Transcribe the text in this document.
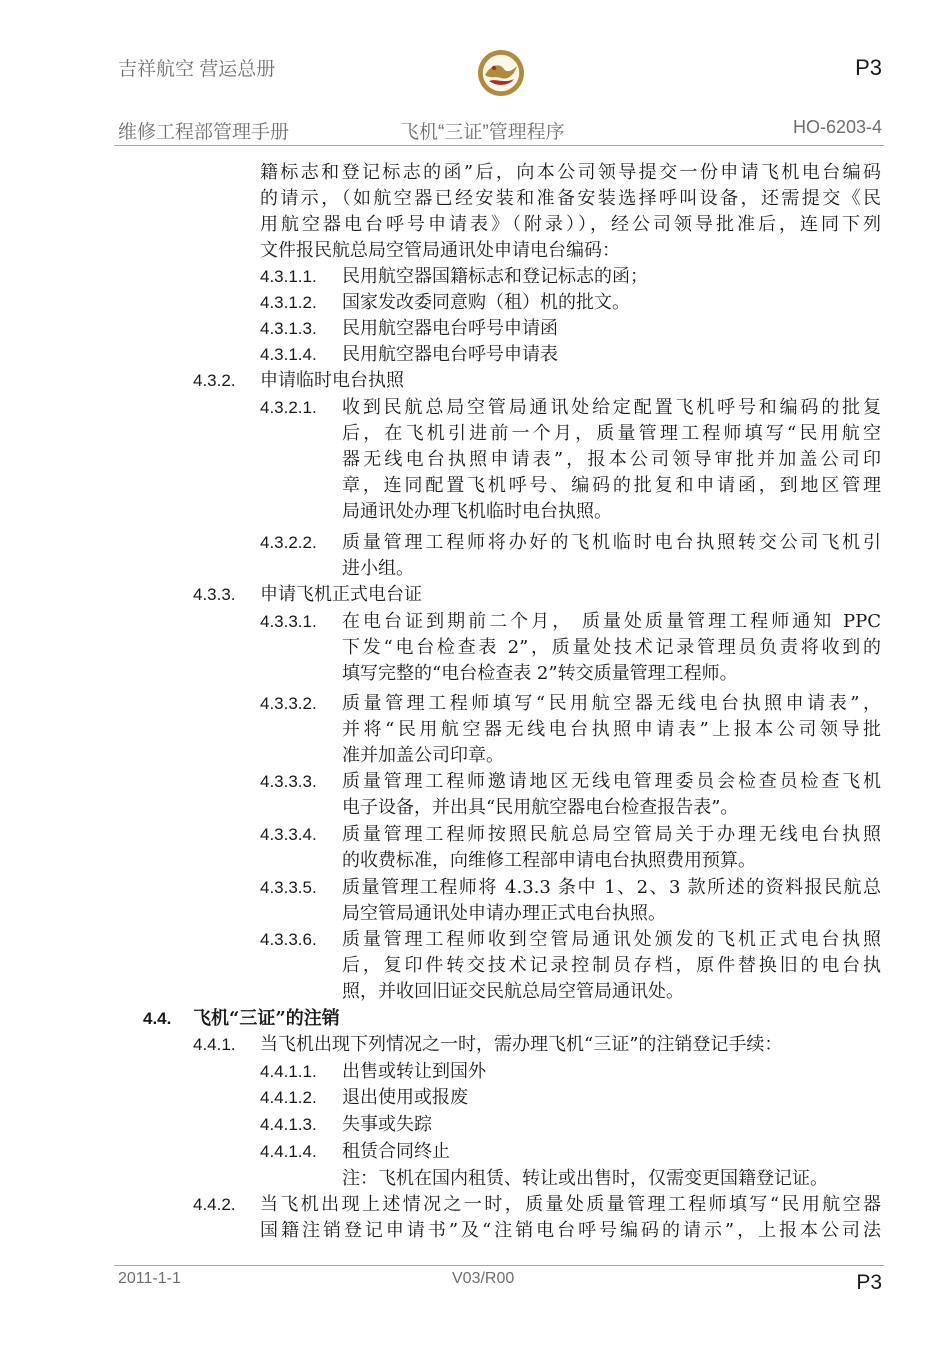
吉祥航空 营运总册	P3
维修工程部管理手册	飞机“三证”管理程序	HO-6203-4
籍标志和登记标志的函”后，向本公司领导提交一份申请飞机电台编码
的请示，（如航空器已经安装和准备安装选择呼叫设备，还需提交《民
用航空器电台呼号申请表》（附录）），经公司领导批准后，连同下列
文件报民航总局空管局通讯处申请电台编码：
4.3.1.1. 民用航空器国籍标志和登记标志的函；
4.3.1.2. 国家发改委同意购（租）机的批文。
4.3.1.3. 民用航空器电台呼号申请函
4.3.1.4. 民用航空器电台呼号申请表
4.3.2. 申请临时电台执照
4.3.2.1. 收到民航总局空管局通讯处给定配置飞机呼号和编码的批复
后，在飞机引进前一个月，质量管理工程师填写“民用航空
器无线电台执照申请表”，报本公司领导审批并加盖公司印
章，连同配置飞机呼号、编码的批复和申请函，到地区管理
局通讯处办理飞机临时电台执照。
4.3.2.2. 质量管理工程师将办好的飞机临时电台执照转交公司飞机引
进小组。
4.3.3. 申请飞机正式电台证
4.3.3.1. 在电台证到期前二个月， 质量处质量管理工程师通知 PPC
下发“电台检查表 2”，质量处技术记录管理员负责将收到的
填写完整的“电台检查表 2”转交质量管理工程师。
4.3.3.2. 质量管理工程师填写“民用航空器无线电台执照申请表”，
并将“民用航空器无线电台执照申请表”上报本公司领导批
准并加盖公司印章。
4.3.3.3. 质量管理工程师邀请地区无线电管理委员会检查员检查飞机
电子设备，并出具“民用航空器电台检查报告表”。
4.3.3.4. 质量管理工程师按照民航总局空管局关于办理无线电台执照
的收费标准，向维修工程部申请电台执照费用预算。
4.3.3.5. 质量管理工程师将 4.3.3 条中 1、2、3 款所述的资料报民航总
局空管局通讯处申请办理正式电台执照。
4.3.3.6. 质量管理工程师收到空管局通讯处颁发的飞机正式电台执照
后，复印件转交技术记录控制员存档，原件替换旧的电台执
照，并收回旧证交民航总局空管局通讯处。
4.4. 飞机“三证”的注销
4.4.1. 当飞机出现下列情况之一时，需办理飞机“三证”的注销登记手续：
4.4.1.1. 出售或转让到国外
4.4.1.2. 退出使用或报废
4.4.1.3. 失事或失踪
4.4.1.4. 租赁合同终止
注：飞机在国内租赁、转让或出售时，仅需变更国籍登记证。
4.4.2. 当飞机出现上述情况之一时，质量处质量管理工程师填写“民用航空器
国籍注销登记申请书”及“注销电台呼号编码的请示”，上报本公司法
2011-1-1	V03/R00	P3
